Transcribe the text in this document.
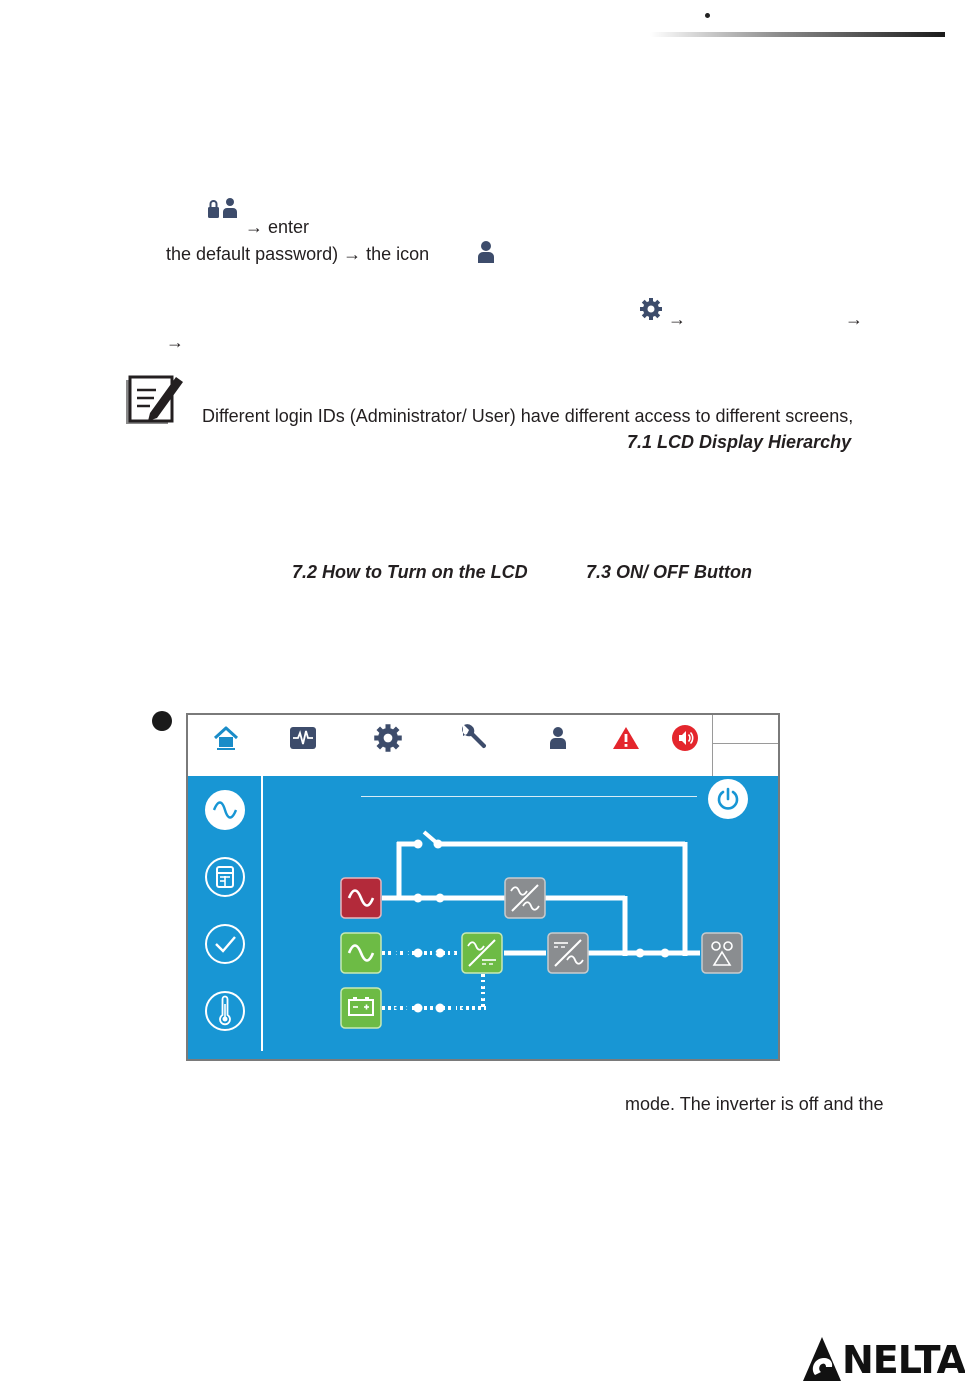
→ enter
the default password) → the icon
→	→
→
Different login IDs (Administrator/ User) have different access to different screens,
7.1 LCD Display Hierarchy
7.2 How to Turn on the LCD	7.3 ON/ OFF Button
mode. The inverter is off and the
NELTA
